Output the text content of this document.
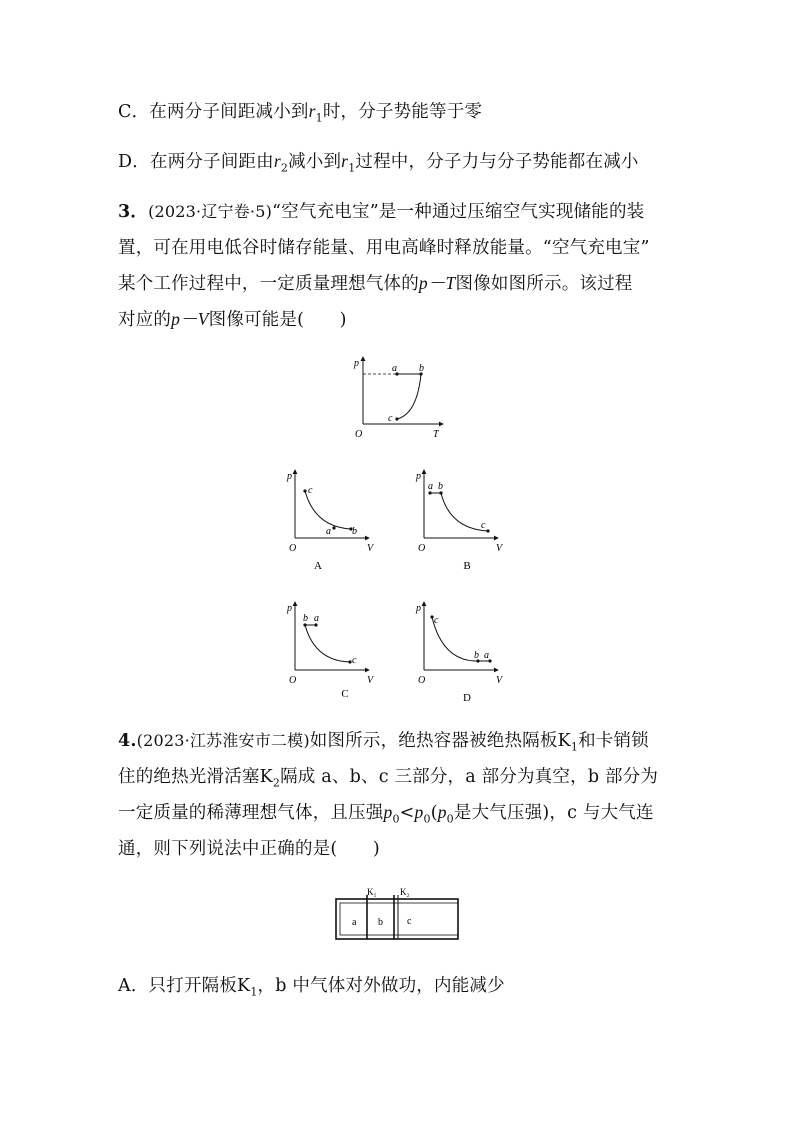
C．在两分子间距减小到$r_1$时，分子势能等于零
D．在两分子间距由$r_2$减小到$r_1$过程中，分子力与分子势能都在减小
3．(2023·辽宁卷·5)“空气充电宝”是一种通过压缩空气实现储能的装
置，可在用电低谷时储存能量、用电高峰时释放能量。“空气充电宝”
某个工作过程中，一定质量理想气体的p－T图像如图所示。该过程
对应的p－V图像可能是(　　)
p
T
O
a b
c
p
V
O
c
a b
A
p
V
O
a b
c
B
p
V
O
b a
c
C
p
V
O
c
b a
D
4.(2023·江苏淮安市二模)如图所示，绝热容器被绝热隔板$K_1$和卡销锁
住的绝热光滑活塞$K_2$隔成 a、b、c 三部分，a 部分为真空，b 部分为
一定质量的稀薄理想气体，且压强$p_0<p_0(p_0$是大气压强)，c 与大气连
通，则下列说法中正确的是(　　)
K₁	K₂
a b c
A．只打开隔板$K_1$，b 中气体对外做功，内能减少
